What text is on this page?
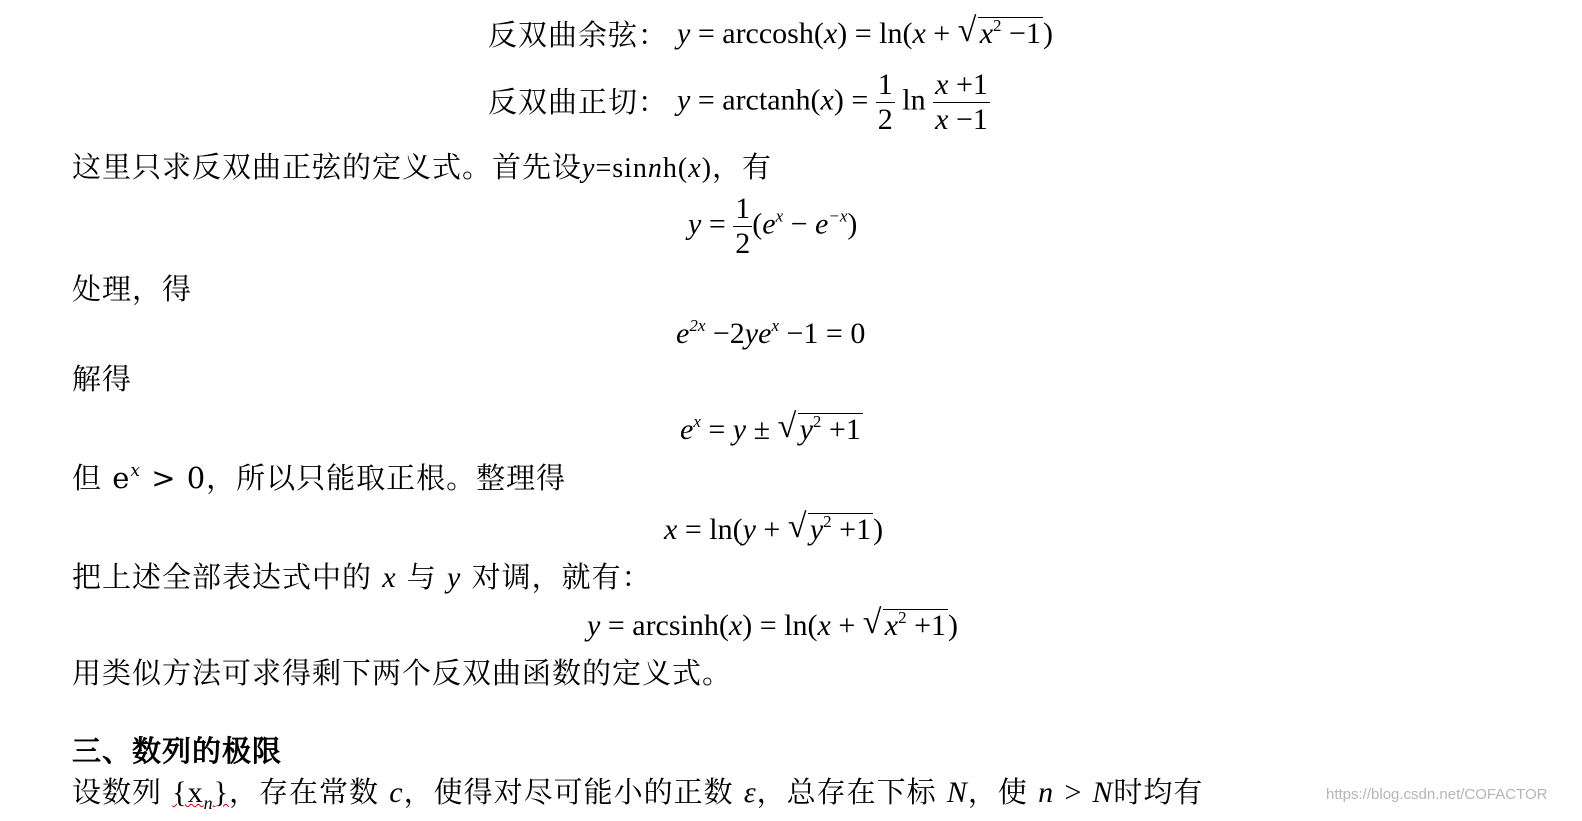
反双曲余弦： y = arccosh(x) = ln(x + √ $x^2 -1$)
反双曲正切： $y = \arctan h(x) = \frac{1}{2}$ $\ln \frac{x +1}{x -1}$
这里只求反双曲正弦的定义式。首先设y=sinnh(x)，有
$y = \frac{1}{2} (e^x - e^{-x})$
处理，得
$e^{2x} -2ye^x -1 = 0$
解得
$e^x = y$ ± √ $y^2 +1$
但 $e^x > 0$，所以只能取正根。整理得
x = ln(y + √ $y^2 +1$)
把上述全部表达式中的 x 与 y 对调，就有：
y = arcsinh(x) = ln(x + √ $x^2 +1$)
用类似方法可求得剩下两个反双曲函数的定义式。
三、数列的极限
设数列 $\{x_n\}$，存在常数 c，使得对尽可能小的正数 ε，总存在下标 N，使 n > N时均有	https://blog.csdn.net/COFACTOR
